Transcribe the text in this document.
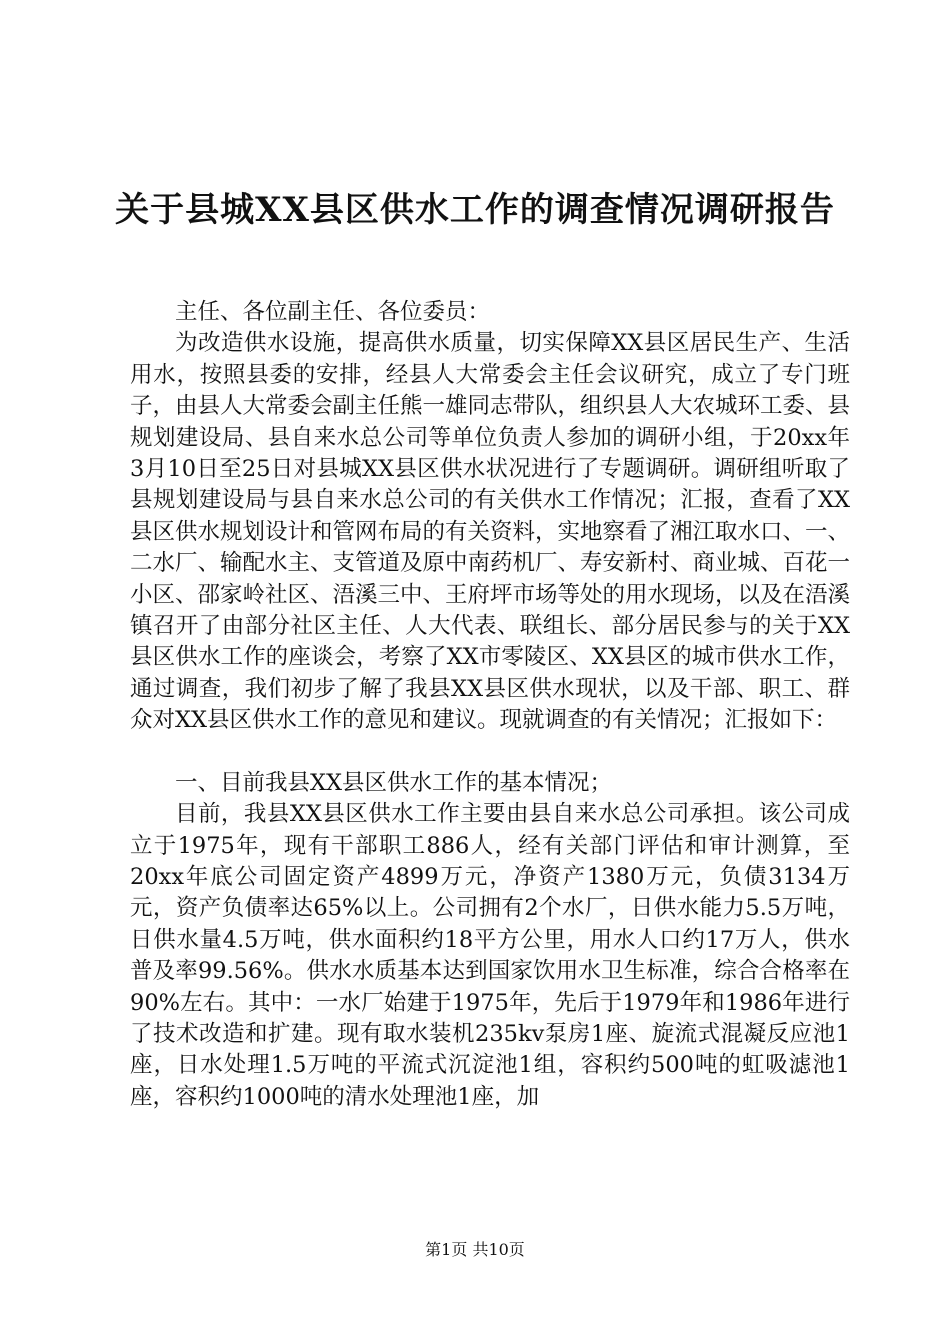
关于县城XX县区供水工作的调查情况调研报告

主任、各位副主任、各位委员：

为改造供水设施，提高供水质量，切实保障XX县区居民生产、生活用水，按照县委的安排，经县人大常委会主任会议研究，成立了专门班子，由县人大常委会副主任熊一雄同志带队，组织县人大农城环工委、县规划建设局、县自来水总公司等单位负责人参加的调研小组，于20xx年3月10日至25日对县城XX县区供水状况进行了专题调研。调研组听取了县规划建设局与县自来水总公司的有关供水工作情况；汇报，查看了XX县区供水规划设计和管网布局的有关资料，实地察看了湘江取水口、一、二水厂、输配水主、支管道及原中南药机厂、寿安新村、商业城、百花一小区、邵家岭社区、浯溪三中、王府坪市场等处的用水现场，以及在浯溪镇召开了由部分社区主任、人大代表、联组长、部分居民参与的关于XX县区供水工作的座谈会，考察了XX市零陵区、XX县区的城市供水工作，通过调查，我们初步了解了我县XX县区供水现状，以及干部、职工、群众对XX县区供水工作的意见和建议。现就调查的有关情况；汇报如下：

一、目前我县XX县区供水工作的基本情况；

目前，我县XX县区供水工作主要由县自来水总公司承担。该公司成立于1975年，现有干部职工886人，经有关部门评估和审计测算，至20xx年底公司固定资产4899万元，净资产1380万元，负债3134万元，资产负债率达65%以上。公司拥有2个水厂，日供水能力5.5万吨，日供水量4.5万吨，供水面积约18平方公里，用水人口约17万人，供水普及率99.56%。供水水质基本达到国家饮用水卫生标准，综合合格率在90%左右。其中：一水厂始建于1975年，先后于1979年和1986年进行了技术改造和扩建。现有取水装机235kv泵房1座、旋流式混凝反应池1座，日水处理1.5万吨的平流式沉淀池1组，容积约500吨的虹吸滤池1座，容积约1000吨的清水处理池1座，加

第1页 共10页
